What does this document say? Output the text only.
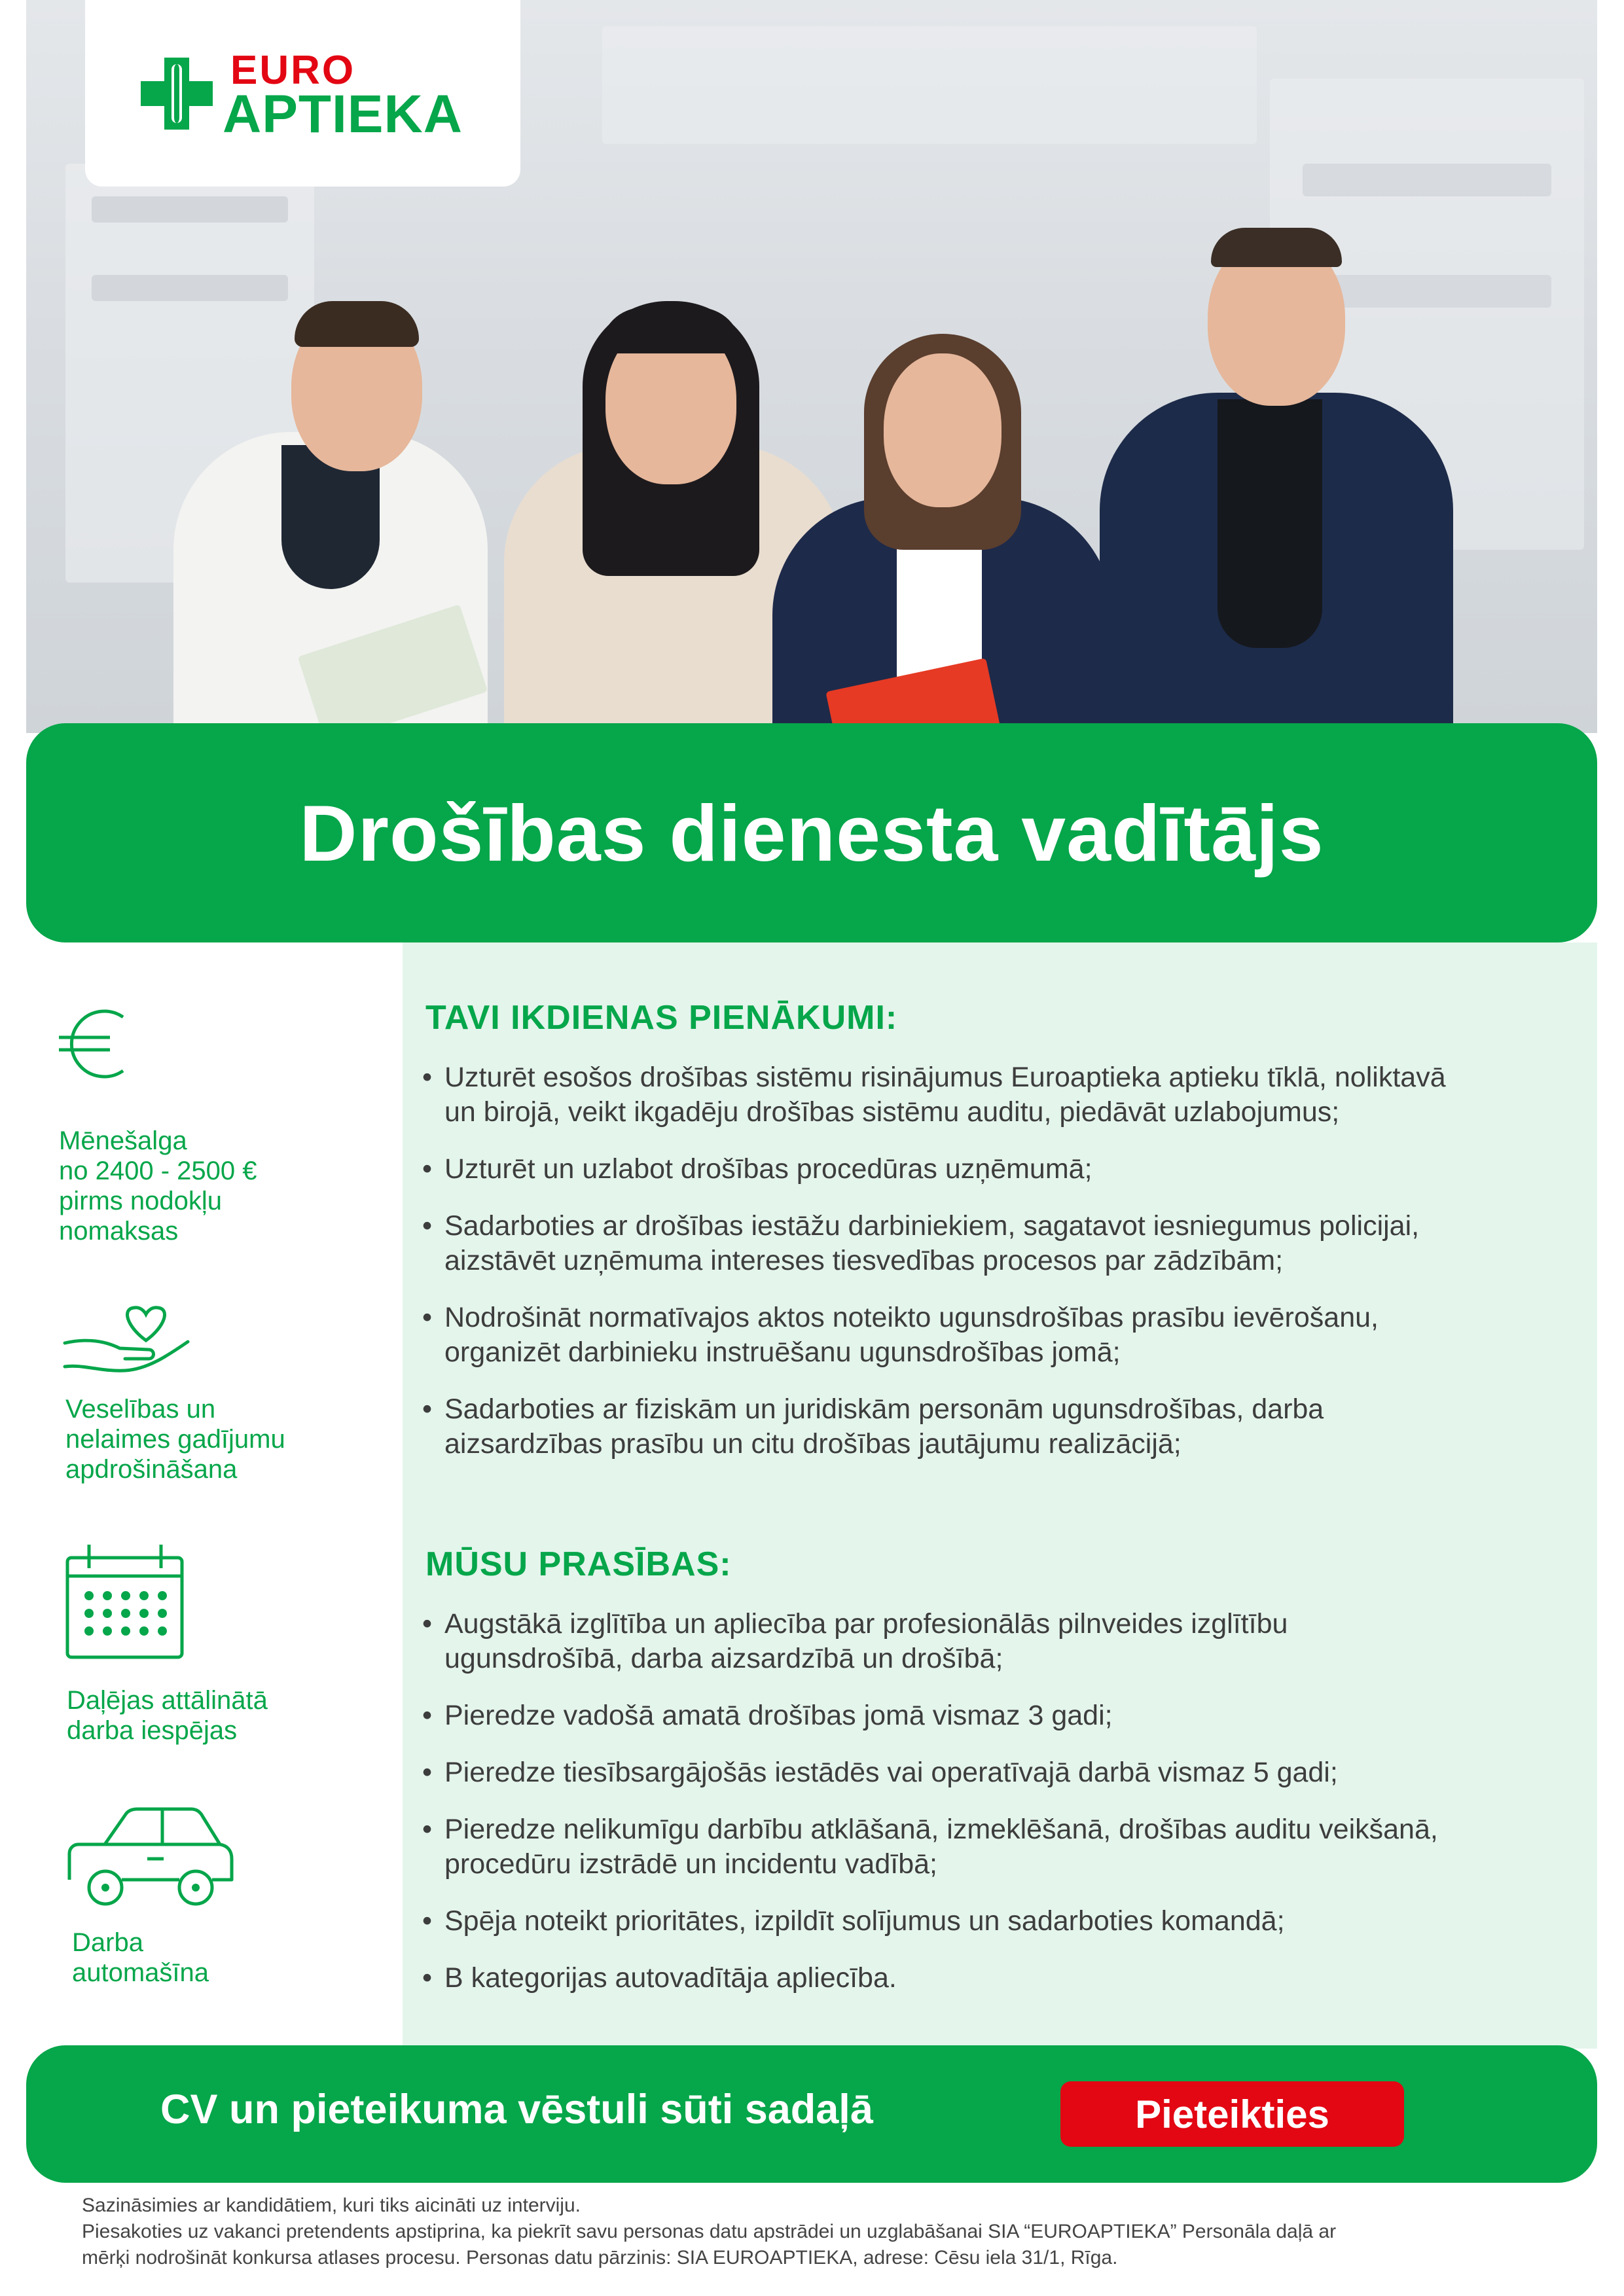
EURO
APTIEKA
Drošības dienesta vadītājs
Mēnešalga
no 2400 - 2500 €
pirms nodokļu
nomaksas
Veselības un
nelaimes gadījumu
apdrošināšana
Daļējas attālinātā
darba iespējas
Darba
automašīna
TAVI IKDIENAS PIENĀKUMI:
• Uzturēt esošos drošības sistēmu risinājumus Euroaptieka aptieku tīklā, noliktavā
un birojā, veikt ikgadēju drošības sistēmu auditu, piedāvāt uzlabojumus;
• Uzturēt un uzlabot drošības procedūras uzņēmumā;
• Sadarboties ar drošības iestāžu darbiniekiem, sagatavot iesniegumus policijai,
aizstāvēt uzņēmuma intereses tiesvedības procesos par zādzībām;
• Nodrošināt normatīvajos aktos noteikto ugunsdrošības prasību ievērošanu,
organizēt darbinieku instruēšanu ugunsdrošības jomā;
• Sadarboties ar fiziskām un juridiskām personām ugunsdrošības, darba
aizsardzības prasību un citu drošības jautājumu realizācijā;
MŪSU PRASĪBAS:
• Augstākā izglītība un apliecība par profesionālās pilnveides izglītību
ugunsdrošībā, darba aizsardzībā un drošībā;
• Pieredze vadošā amatā drošības jomā vismaz 3 gadi;
• Pieredze tiesībsargājošās iestādēs vai operatīvajā darbā vismaz 5 gadi;
• Pieredze nelikumīgu darbību atklāšanā, izmeklēšanā, drošības auditu veikšanā,
procedūru izstrādē un incidentu vadībā;
• Spēja noteikt prioritātes, izpildīt solījumus un sadarboties komandā;
• B kategorijas autovadītāja apliecība.
CV un pieteikuma vēstuli sūti sadaļā	Pieteikties
Sazināsimies ar kandidātiem, kuri tiks aicināti uz interviju.
Piesakoties uz vakanci pretendents apstiprina, ka piekrīt savu personas datu apstrādei un uzglabāšanai SIA “EUROAPTIEKA” Personāla daļā ar
mērķi nodrošināt konkursa atlases procesu. Personas datu pārzinis: SIA EUROAPTIEKA, adrese: Cēsu iela 31/1, Rīga.
